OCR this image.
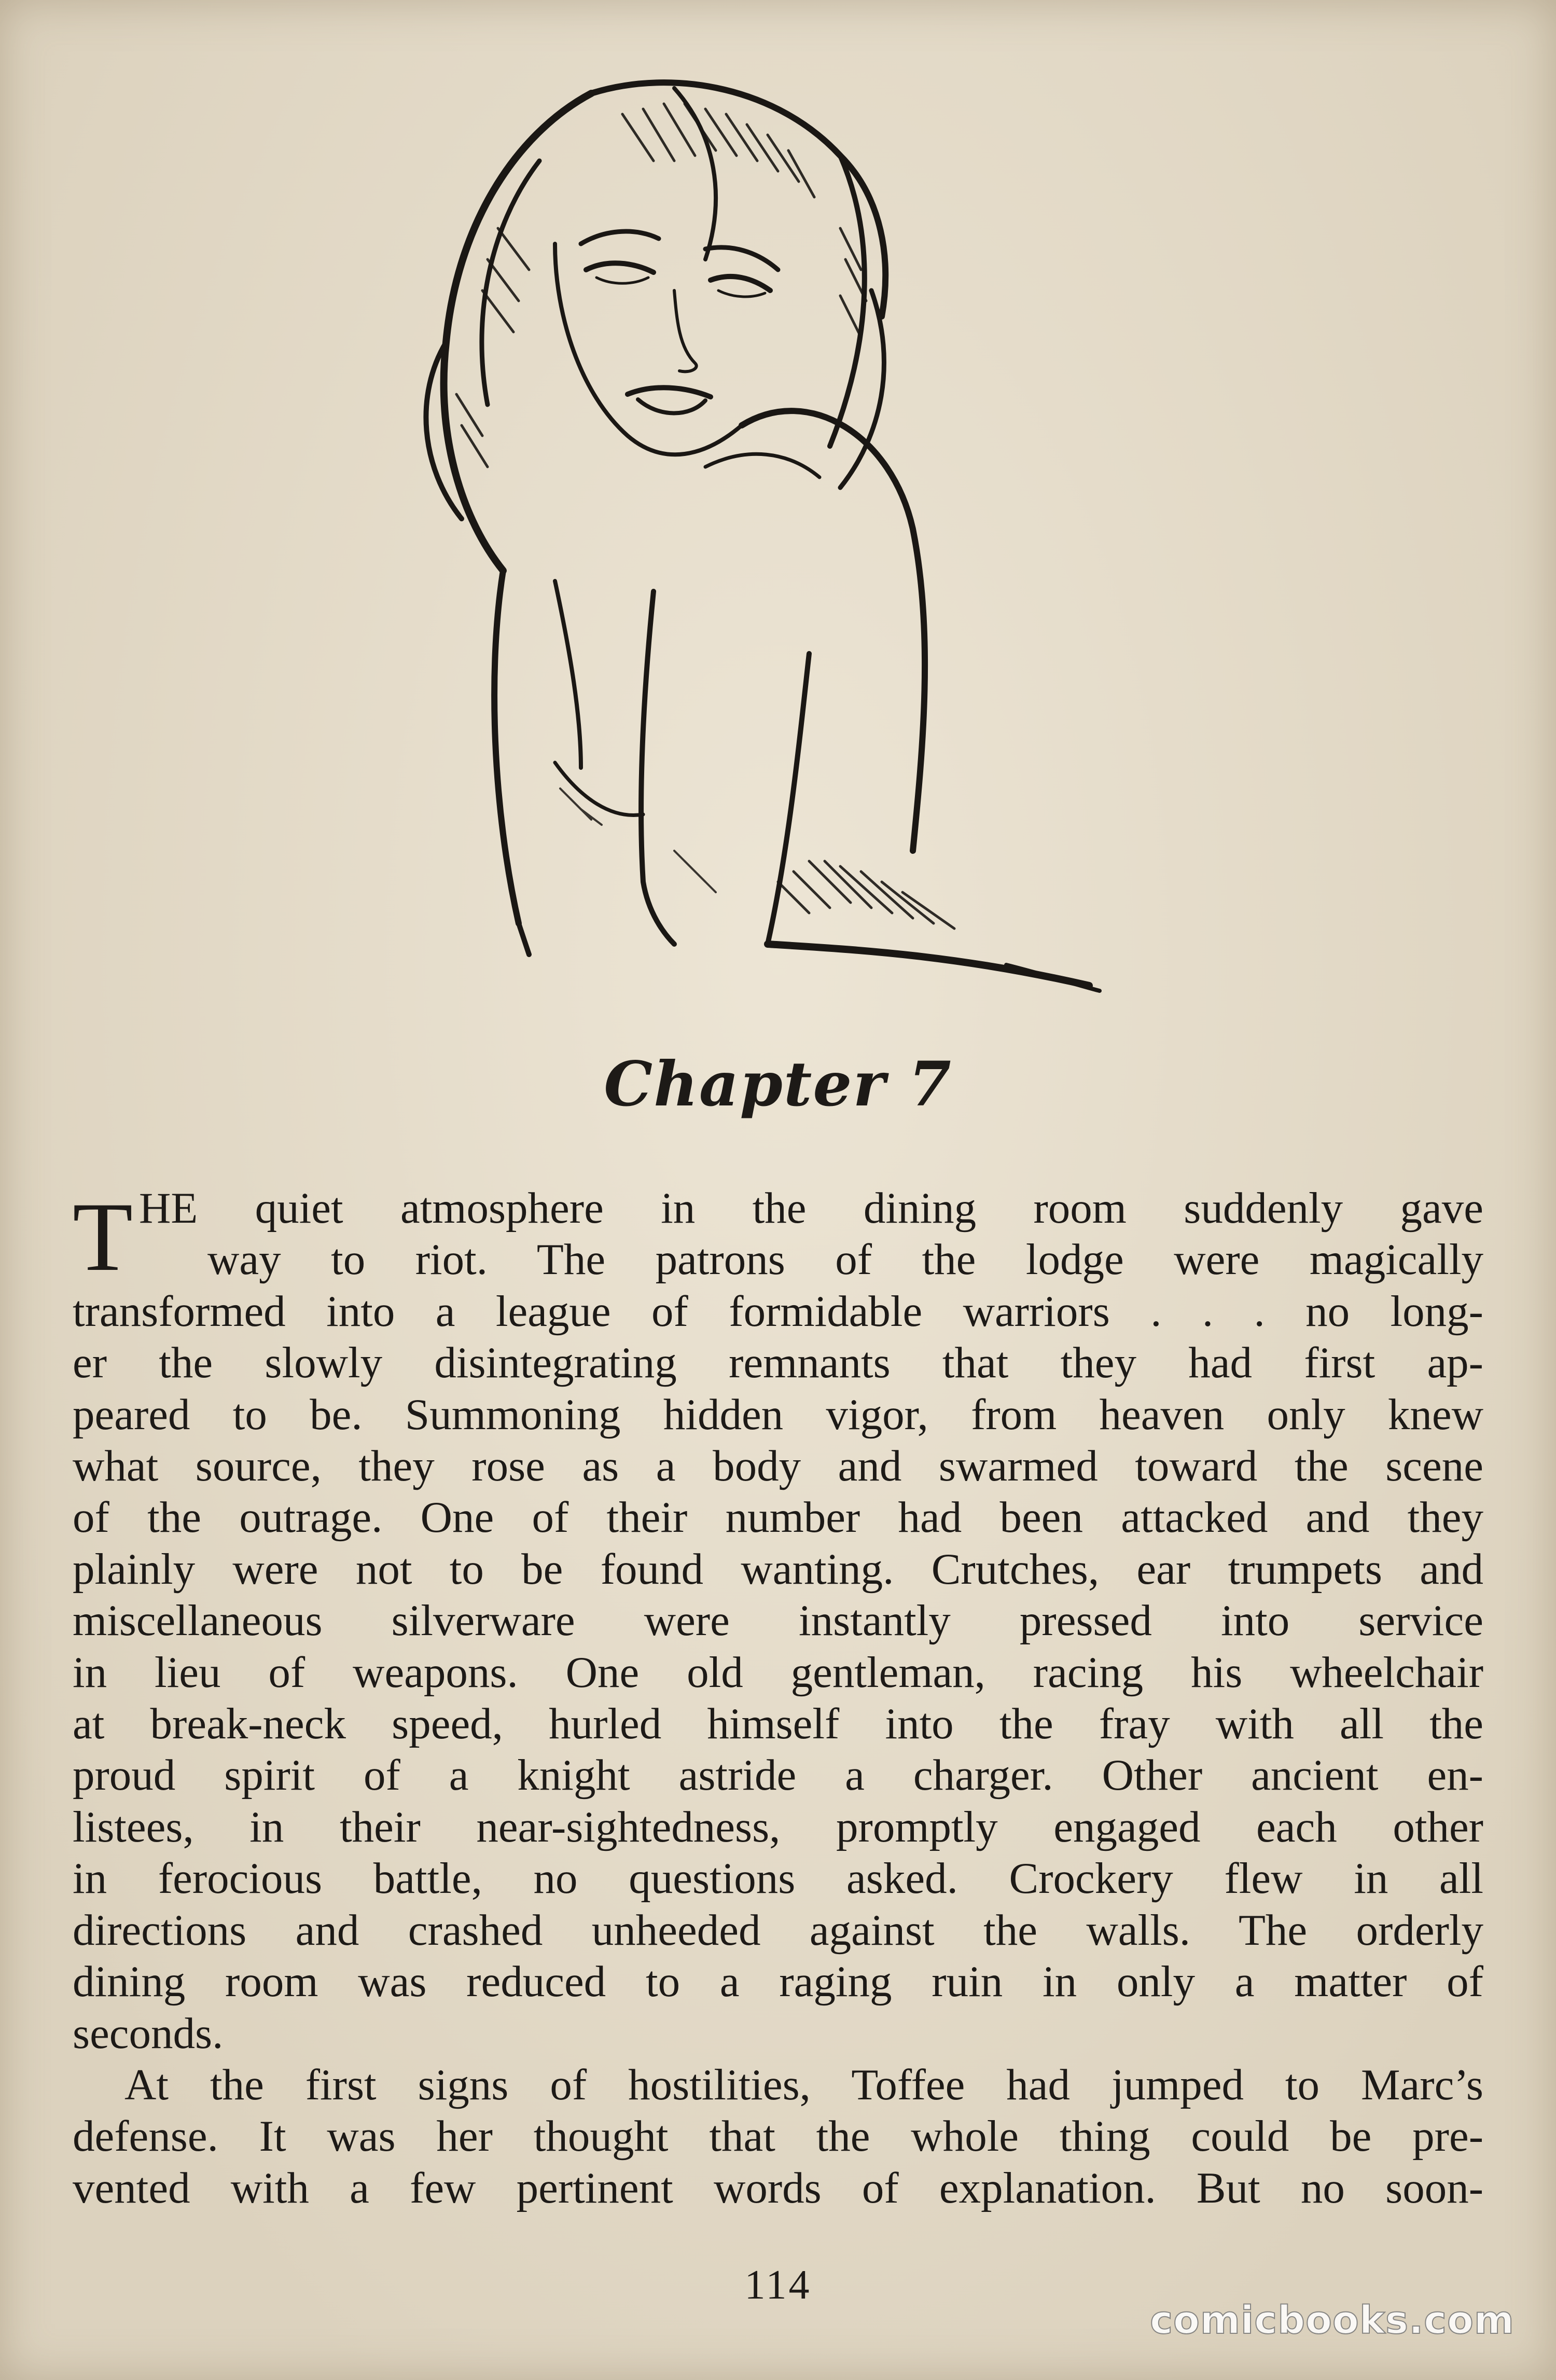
Chapter 7
T HE quiet atmosphere in the dining room suddenly gave
way to riot. The patrons of the lodge were magically
transformed into a league of formidable warriors . . . no long-
er the slowly disintegrating remnants that they had first ap-
peared to be. Summoning hidden vigor, from heaven only knew
what source, they rose as a body and swarmed toward the scene
of the outrage. One of their number had been attacked and they
plainly were not to be found wanting. Crutches, ear trumpets and
miscellaneous silverware were instantly pressed into service
in lieu of weapons. One old gentleman, racing his wheelchair
at break-neck speed, hurled himself into the fray with all the
proud spirit of a knight astride a charger. Other ancient en-
listees, in their near-sightedness, promptly engaged each other
in ferocious battle, no questions asked. Crockery flew in all
directions and crashed unheeded against the walls. The orderly
dining room was reduced to a raging ruin in only a matter of
seconds.
At the first signs of hostilities, Toffee had jumped to Marc’s
defense. It was her thought that the whole thing could be pre-
vented with a few pertinent words of explanation. But no soon-
114
comicbooks.com
